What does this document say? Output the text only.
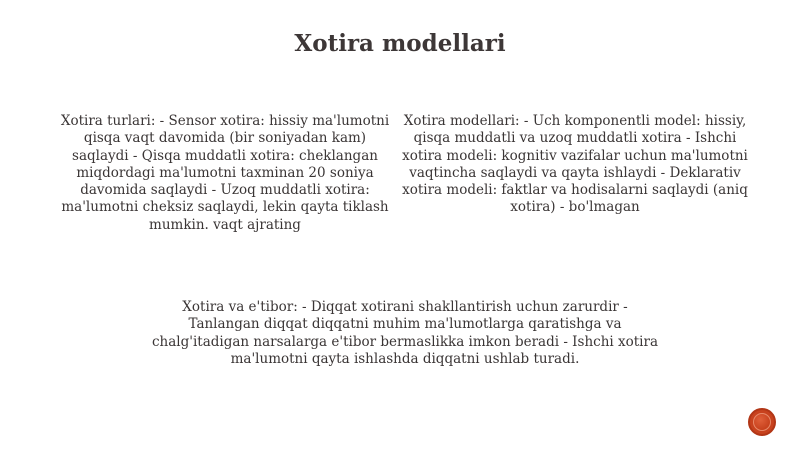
Xotira modellari

Xotira turlari: - Sensor xotira: hissiy ma'lumotni qisqa vaqt davomida (bir soniyadan kam) saqlaydi - Qisqa muddatli xotira: cheklangan miqdordagi ma'lumotni taxminan 20 soniya davomida saqlaydi - Uzoq muddatli xotira: ma'lumotni cheksiz saqlaydi, lekin qayta tiklash mumkin. vaqt ajrating

Xotira modellari: - Uch komponentli model: hissiy, qisqa muddatli va uzoq muddatli xotira - Ishchi xotira modeli: kognitiv vazifalar uchun ma'lumotni vaqtincha saqlaydi va qayta ishlaydi - Deklarativ xotira modeli: faktlar va hodisalarni saqlaydi (aniq xotira) - bo'lmagan

Xotira va e'tibor: - Diqqat xotirani shakllantirish uchun zarurdir - Tanlangan diqqat diqqatni muhim ma'lumotlarga qaratishga va chalg'itadigan narsalarga e'tibor bermaslikka imkon beradi - Ishchi xotira ma'lumotni qayta ishlashda diqqatni ushlab turadi.
